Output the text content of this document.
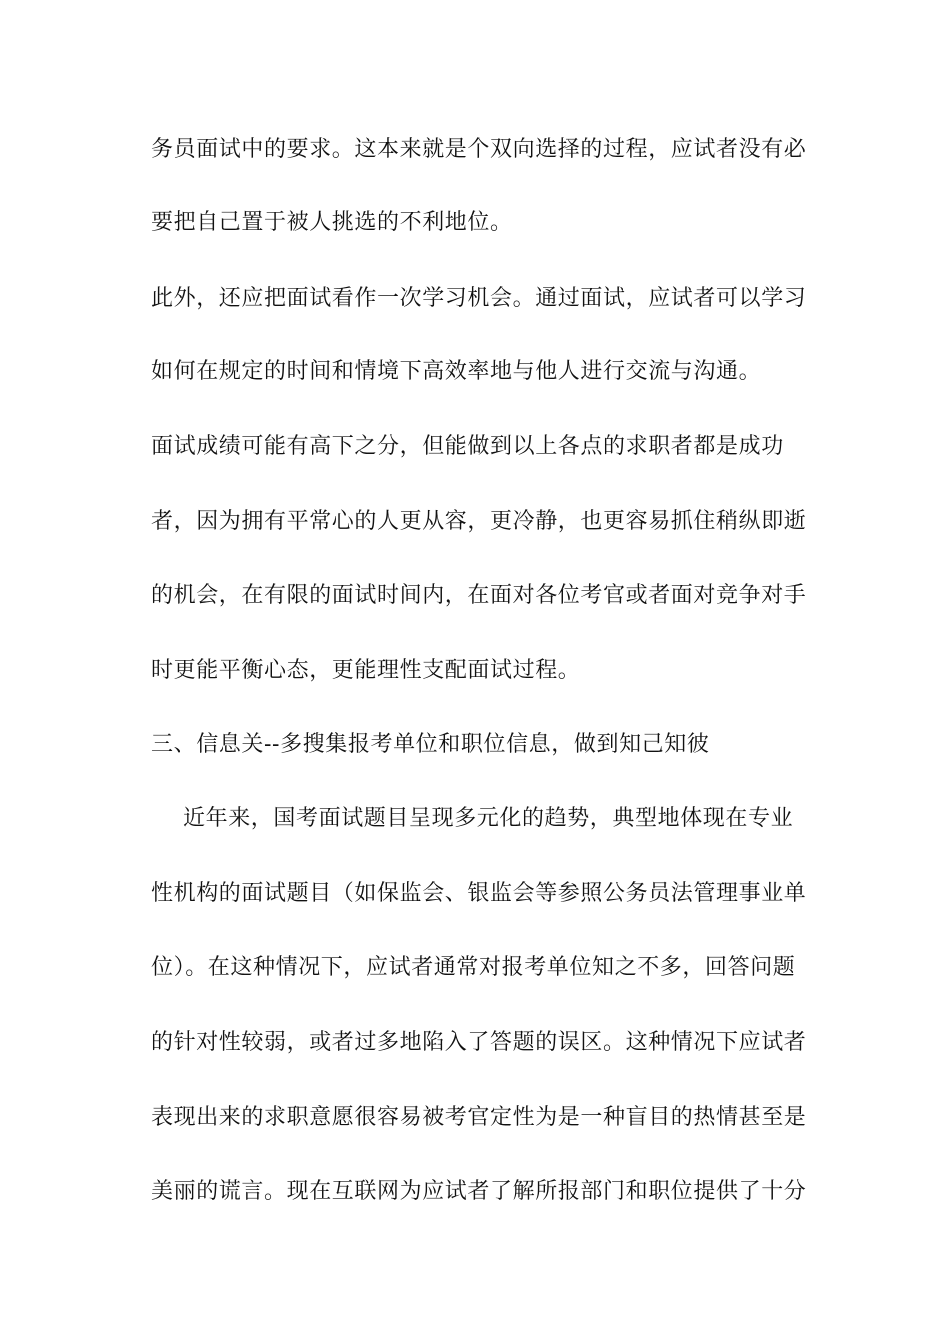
务员面试中的要求。这本来就是个双向选择的过程，应试者没有必
要把自己置于被人挑选的不利地位。
此外，还应把面试看作一次学习机会。通过面试，应试者可以学习
如何在规定的时间和情境下高效率地与他人进行交流与沟通。
面试成绩可能有高下之分，但能做到以上各点的求职者都是成功
者，因为拥有平常心的人更从容，更冷静，也更容易抓住稍纵即逝
的机会，在有限的面试时间内，在面对各位考官或者面对竞争对手
时更能平衡心态，更能理性支配面试过程。
三、信息关--多搜集报考单位和职位信息，做到知己知彼
近年来，国考面试题目呈现多元化的趋势，典型地体现在专业
性机构的面试题目（如保监会、银监会等参照公务员法管理事业单
位）。在这种情况下，应试者通常对报考单位知之不多，回答问题
的针对性较弱，或者过多地陷入了答题的误区。这种情况下应试者
表现出来的求职意愿很容易被考官定性为是一种盲目的热情甚至是
美丽的谎言。现在互联网为应试者了解所报部门和职位提供了十分
